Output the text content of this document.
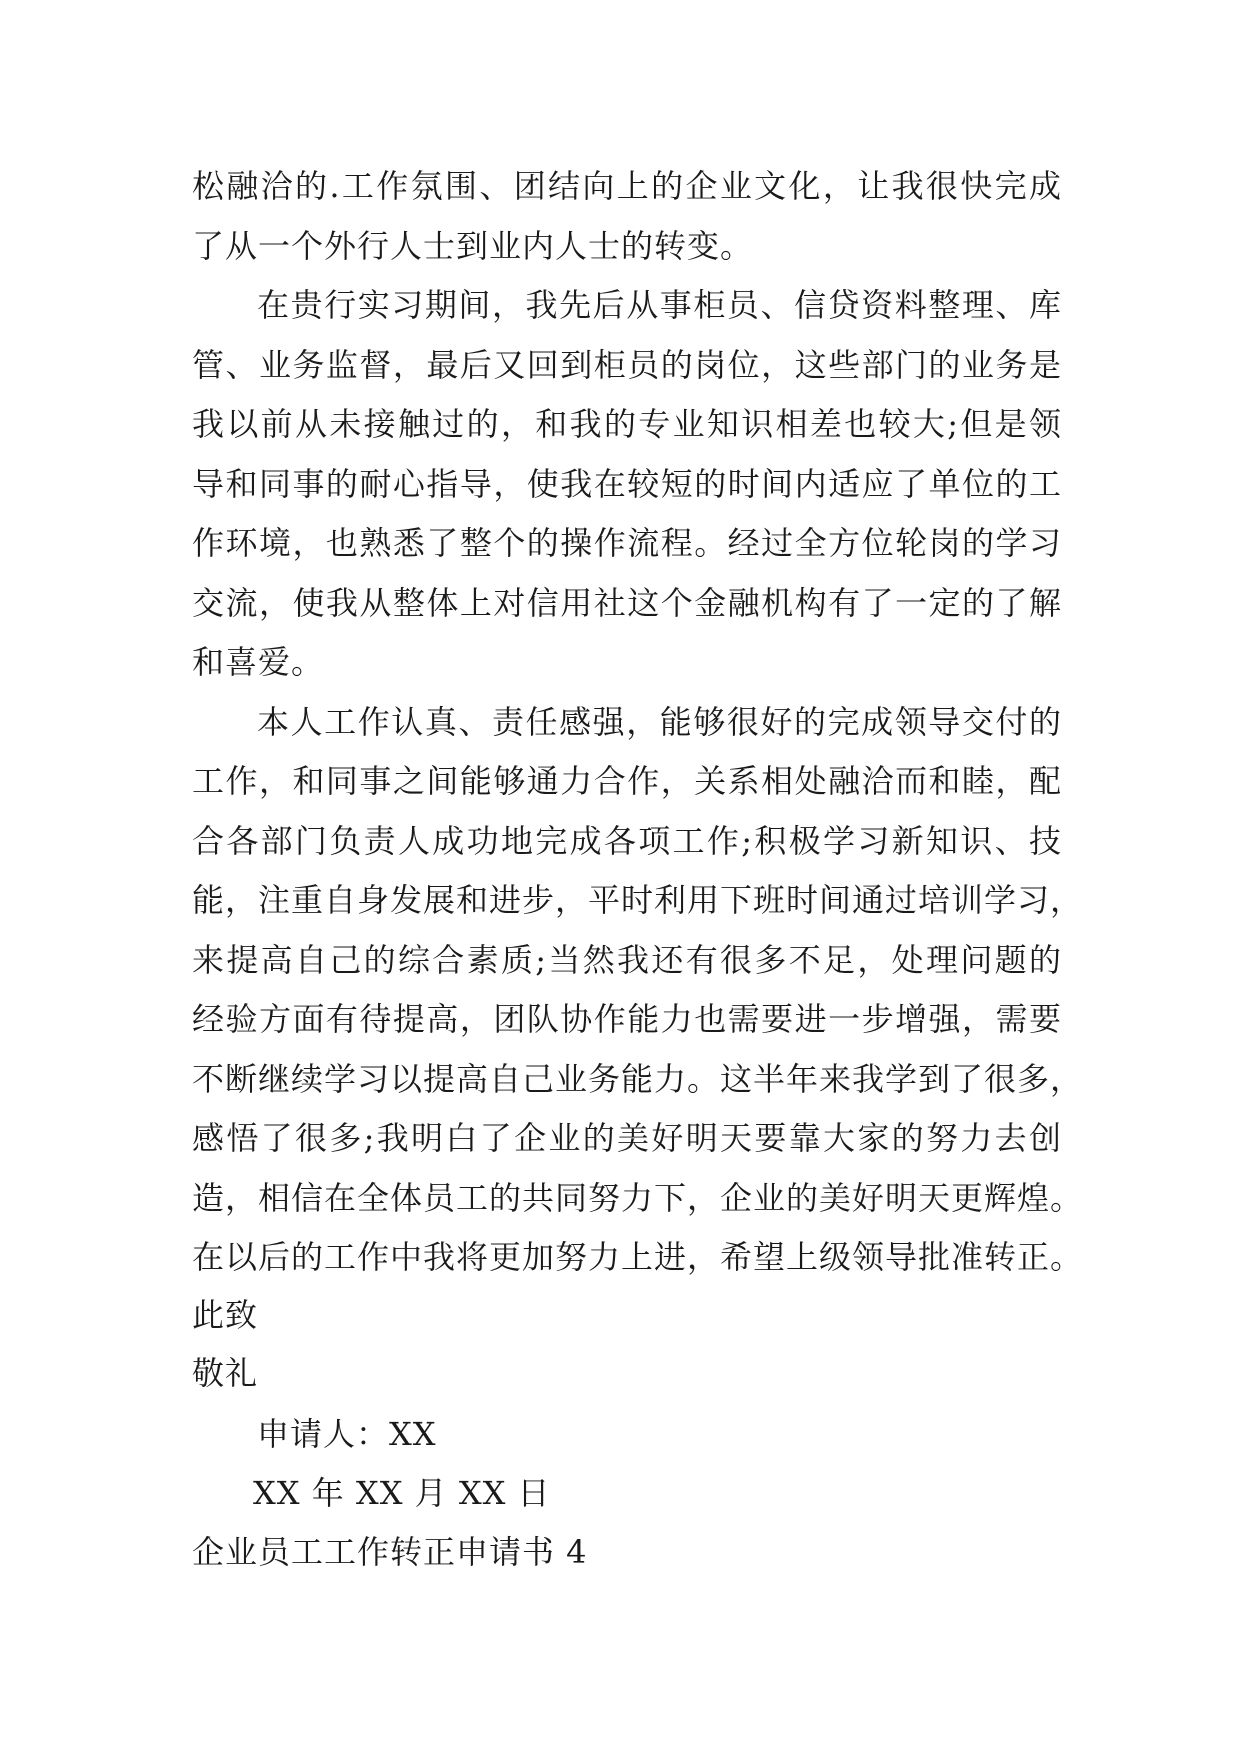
松融洽的.工作氛围、团结向上的企业文化，让我很快完成
了从一个外行人士到业内人士的转变。
在贵行实习期间，我先后从事柜员、信贷资料整理、库
管、业务监督，最后又回到柜员的岗位，这些部门的业务是
我以前从未接触过的，和我的专业知识相差也较大;但是领
导和同事的耐心指导，使我在较短的时间内适应了单位的工
作环境，也熟悉了整个的操作流程。经过全方位轮岗的学习
交流，使我从整体上对信用社这个金融机构有了一定的了解
和喜爱。
本人工作认真、责任感强，能够很好的完成领导交付的
工作，和同事之间能够通力合作，关系相处融洽而和睦，配
合各部门负责人成功地完成各项工作;积极学习新知识、技
能，注重自身发展和进步，平时利用下班时间通过培训学习，
来提高自己的综合素质;当然我还有很多不足，处理问题的
经验方面有待提高，团队协作能力也需要进一步增强，需要
不断继续学习以提高自己业务能力。这半年来我学到了很多，
感悟了很多;我明白了企业的美好明天要靠大家的努力去创
造，相信在全体员工的共同努力下，企业的美好明天更辉煌。
在以后的工作中我将更加努力上进，希望上级领导批准转正。
此致
敬礼
申请人：XX
XX 年 XX 月 XX 日
企业员工工作转正申请书 4
